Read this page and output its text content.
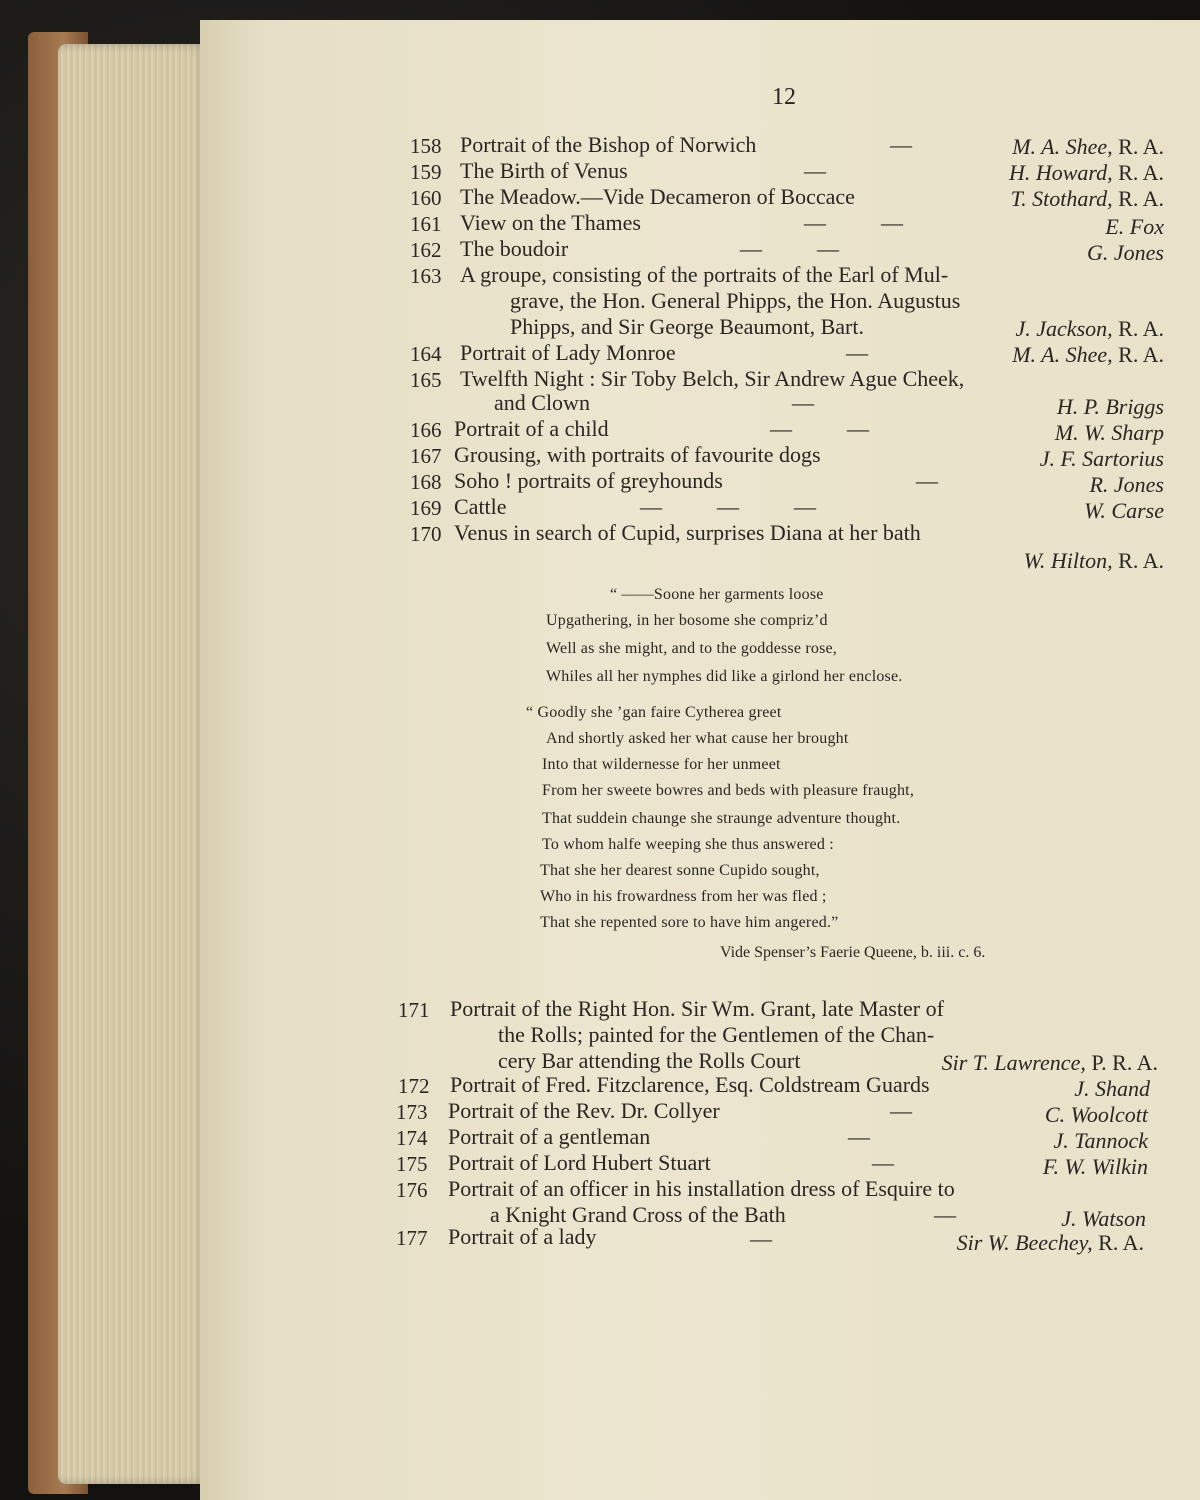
12
158 Portrait of the Bishop of Norwich	—	M. A. Shee, R. A.
159 The Birth of Venus	—	H. Howard, R. A.
160 The Meadow.—Vide Decameron of Boccace	T. Stothard, R. A.
161 View on the Thames	—          —	E. Fox
162 The boudoir	—          —	G. Jones
163 A groupe, consisting of the portraits of the Earl of Mul-
grave, the Hon. General Phipps, the Hon. Augustus
Phipps, and Sir George Beaumont, Bart.	J. Jackson, R. A.
164 Portrait of Lady Monroe	—	M. A. Shee, R. A.
165 Twelfth Night : Sir Toby Belch, Sir Andrew Ague Cheek,
and Clown	—	H. P. Briggs
166 Portrait of a child	—          —	M. W. Sharp
167 Grousing, with portraits of favourite dogs	J. F. Sartorius
168 Soho ! portraits of greyhounds	—	R. Jones
169 Cattle	—          —          —	W. Carse
170 Venus in search of Cupid, surprises Diana at her bath
W. Hilton, R. A.
“ ——Soone her garments loose
Upgathering, in her bosome she compriz’d
Well as she might, and to the goddesse rose,
Whiles all her nymphes did like a girlond her enclose.
“ Goodly she ’gan faire Cytherea greet
And shortly asked her what cause her brought
Into that wildernesse for her unmeet
From her sweete bowres and beds with pleasure fraught,
That suddein chaunge she straunge adventure thought.
To whom halfe weeping she thus answered :
That she her dearest sonne Cupido sought,
Who in his frowardness from her was fled ;
That she repented sore to have him angered.”
Vide Spenser’s Faerie Queene, b. iii. c. 6.
171 Portrait of the Right Hon. Sir Wm. Grant, late Master of
the Rolls; painted for the Gentlemen of the Chan-
cery Bar attending the Rolls Court	Sir T. Lawrence, P. R. A.
172 Portrait of Fred. Fitzclarence, Esq. Coldstream Guards	J. Shand
173 Portrait of the Rev. Dr. Collyer	—	C. Woolcott
174 Portrait of a gentleman	—	J. Tannock
175 Portrait of Lord Hubert Stuart	—	F. W. Wilkin
176 Portrait of an officer in his installation dress of Esquire to
a Knight Grand Cross of the Bath	—	J. Watson
177 Portrait of a lady	—	Sir W. Beechey, R. A.
